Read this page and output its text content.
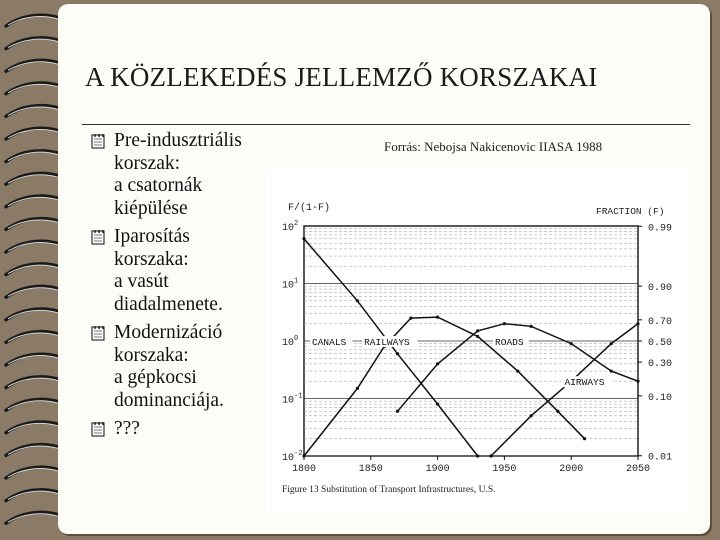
A KÖZLEKEDÉS JELLEMZŐ KORSZAKAI
Pre-indusztriális
korszak:
a csatornák
kiépülése
Iparosítás
korszaka:
a vasút
diadalmenete.
Modernizáció
korszaka:
a gépkocsi
dominanciája.
???
Forrás: Nebojsa Nakicenovic IIASA 1988
F/(1-F)	FRACTION (F)
$10^2$
$10^1$
$10^0$
$10^{-1}$
$10^{-2}$
0.99
0.90
0.70
0.50
0.30
0.10
0.01
1800	1850	1900	1950	2000	2050
CANALS RAILWAYS	ROADS
AIRWAYS
Figure 13 Substitution of Transport Infrastructures, U.S.
